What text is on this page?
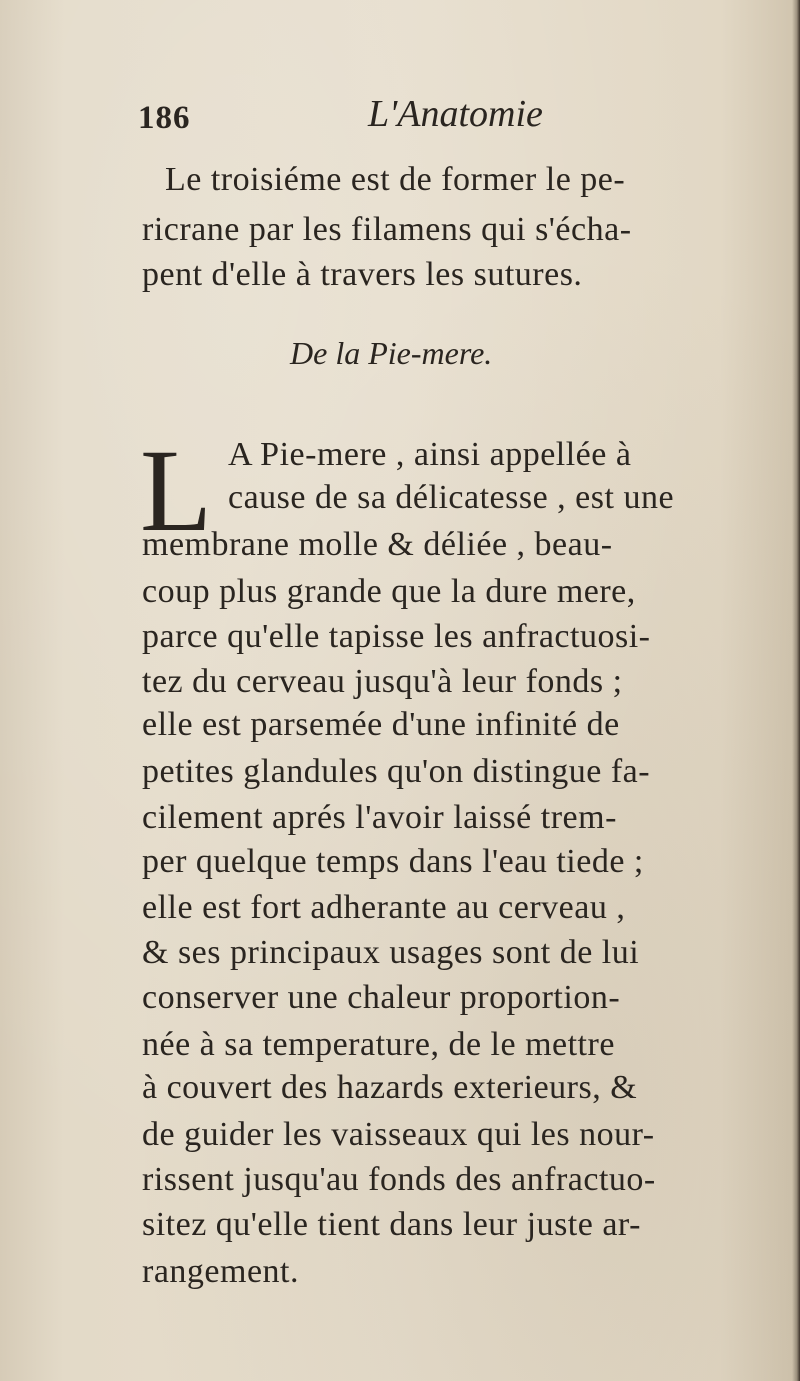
186	L'Anatomie
Le troisiéme est de former le pe-
ricrane par les filamens qui s'écha-
pent d'elle à travers les sutures.
De la Pie-mere.
L A Pie-mere , ainsi appellée à
cause de sa délicatesse , est une
membrane molle & déliée , beau-
coup plus grande que la dure mere,
parce qu'elle tapisse les anfractuosi-
tez du cerveau jusqu'à leur fonds ;
elle est parsemée d'une infinité de
petites glandules qu'on distingue fa-
cilement aprés l'avoir laissé trem-
per quelque temps dans l'eau tiede ;
elle est fort adherante au cerveau ,
& ses principaux usages sont de lui
conserver une chaleur proportion-
née à sa temperature, de le mettre
à couvert des hazards exterieurs, &
de guider les vaisseaux qui les nour-
rissent jusqu'au fonds des anfractuo-
sitez qu'elle tient dans leur juste ar-
rangement.
